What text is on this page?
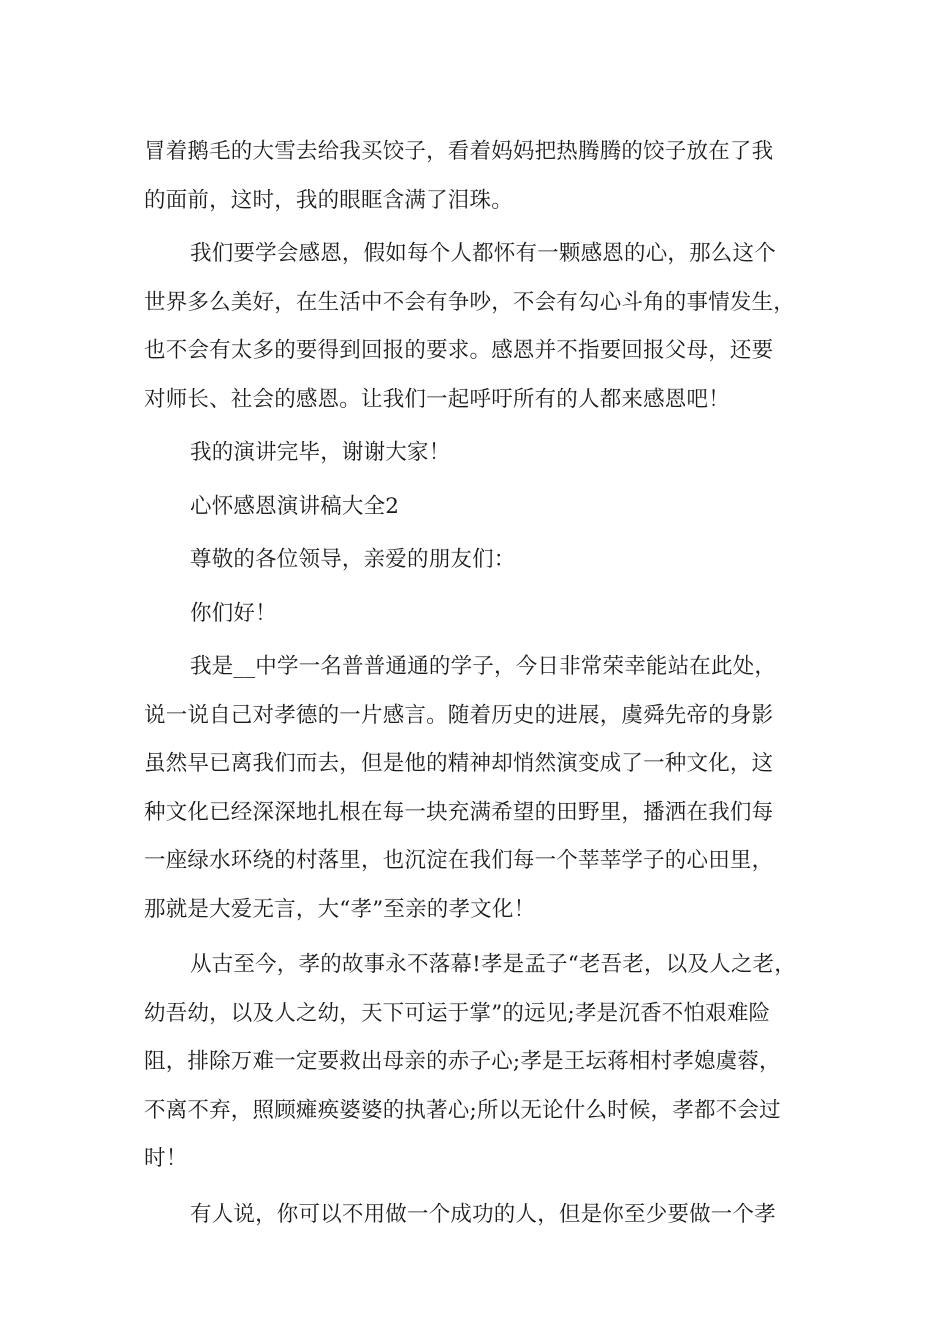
冒着鹅毛的大雪去给我买饺子，看着妈妈把热腾腾的饺子放在了我
的面前，这时，我的眼眶含满了泪珠。
我们要学会感恩，假如每个人都怀有一颗感恩的心，那么这个
世界多么美好，在生活中不会有争吵，不会有勾心斗角的事情发生，
也不会有太多的要得到回报的要求。感恩并不指要回报父母，还要
对师长、社会的感恩。让我们一起呼吁所有的人都来感恩吧！
我的演讲完毕，谢谢大家！
心怀感恩演讲稿大全2
尊敬的各位领导，亲爱的朋友们：
你们好！
我是__中学一名普普通通的学子，今日非常荣幸能站在此处，
说一说自己对孝德的一片感言。随着历史的进展，虞舜先帝的身影
虽然早已离我们而去，但是他的精神却悄然演变成了一种文化，这
种文化已经深深地扎根在每一块充满希望的田野里，播洒在我们每
一座绿水环绕的村落里，也沉淀在我们每一个莘莘学子的心田里，
那就是大爱无言，大“孝”至亲的孝文化！
从古至今，孝的故事永不落幕!孝是孟子“老吾老，以及人之老，
幼吾幼，以及人之幼，天下可运于掌”的远见;孝是沉香不怕艰难险
阻，排除万难一定要救出母亲的赤子心;孝是王坛蒋相村孝媳虞蓉，
不离不弃，照顾瘫痪婆婆的执著心;所以无论什么时候，孝都不会过
时！
有人说，你可以不用做一个成功的人，但是你至少要做一个孝
